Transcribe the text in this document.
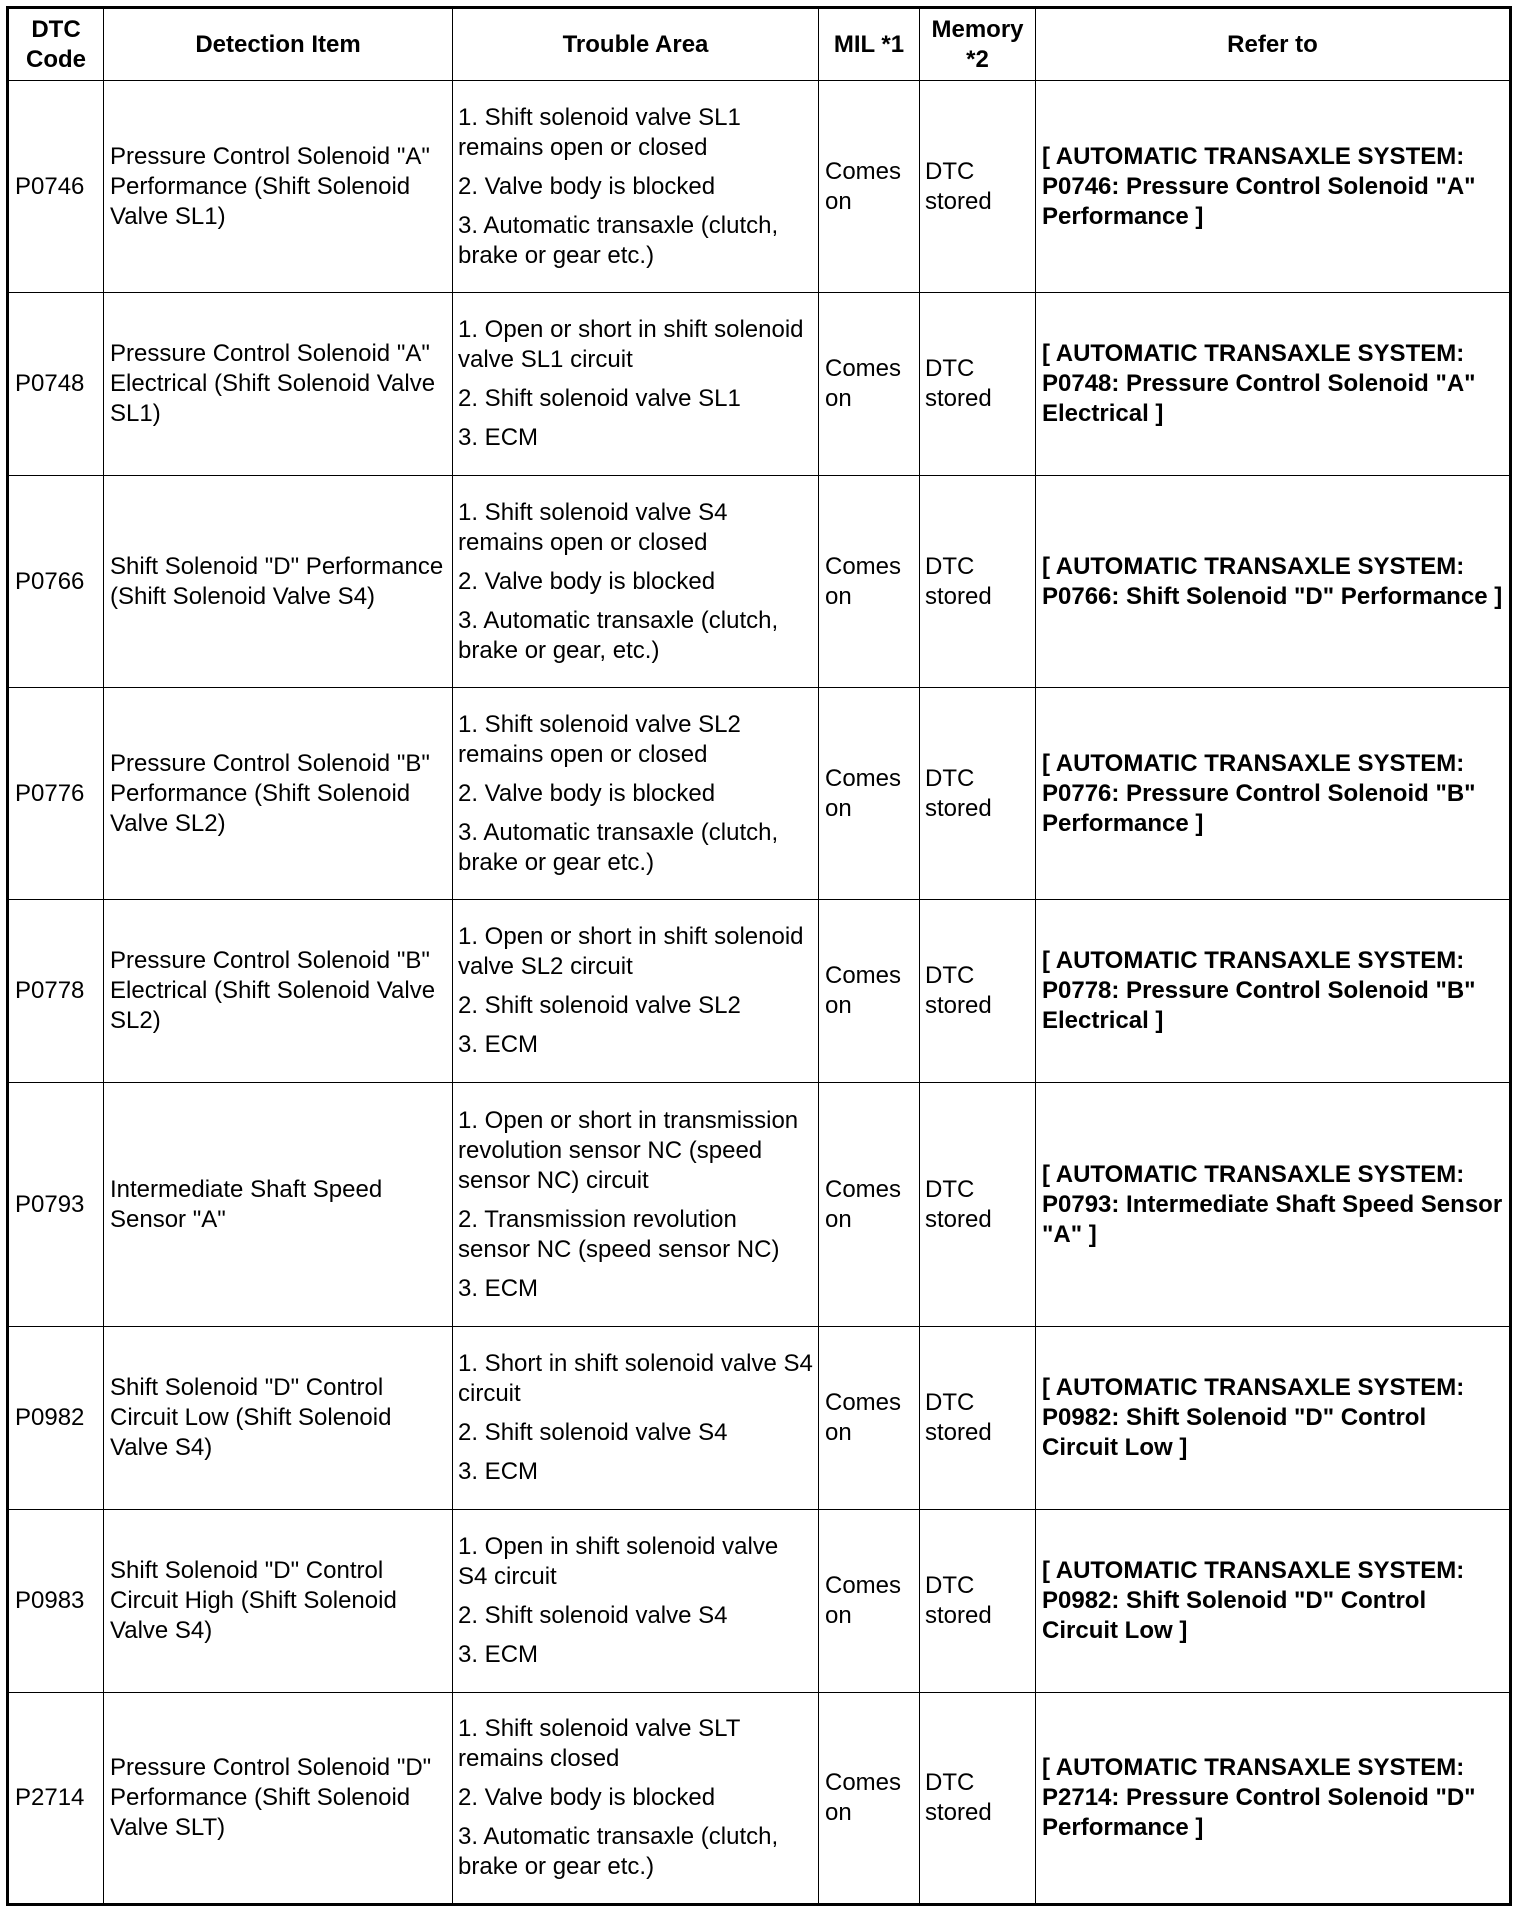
DTC Code	Detection Item	Trouble Area	MIL *1	Memory *2	Refer to
P0746	Pressure Control Solenoid "A" Performance (Shift Solenoid Valve SL1)	1. Shift solenoid valve SL1 remains open or closed
2. Valve body is blocked
3. Automatic transaxle (clutch, brake or gear etc.)	Comes on	DTC stored	[ AUTOMATIC TRANSAXLE SYSTEM: P0746: Pressure Control Solenoid "A" Performance ]
P0748	Pressure Control Solenoid "A" Electrical (Shift Solenoid Valve SL1)	1. Open or short in shift solenoid valve SL1 circuit
2. Shift solenoid valve SL1
3. ECM	Comes on	DTC stored	[ AUTOMATIC TRANSAXLE SYSTEM: P0748: Pressure Control Solenoid "A" Electrical ]
P0766	Shift Solenoid "D" Performance (Shift Solenoid Valve S4)	1. Shift solenoid valve S4 remains open or closed
2. Valve body is blocked
3. Automatic transaxle (clutch, brake or gear, etc.)	Comes on	DTC stored	[ AUTOMATIC TRANSAXLE SYSTEM: P0766: Shift Solenoid "D" Performance ]
P0776	Pressure Control Solenoid "B" Performance (Shift Solenoid Valve SL2)	1. Shift solenoid valve SL2 remains open or closed
2. Valve body is blocked
3. Automatic transaxle (clutch, brake or gear etc.)	Comes on	DTC stored	[ AUTOMATIC TRANSAXLE SYSTEM: P0776: Pressure Control Solenoid "B" Performance ]
P0778	Pressure Control Solenoid "B" Electrical (Shift Solenoid Valve SL2)	1. Open or short in shift solenoid valve SL2 circuit
2. Shift solenoid valve SL2
3. ECM	Comes on	DTC stored	[ AUTOMATIC TRANSAXLE SYSTEM: P0778: Pressure Control Solenoid "B" Electrical ]
P0793	Intermediate Shaft Speed Sensor "A"	1. Open or short in transmission revolution sensor NC (speed sensor NC) circuit
2. Transmission revolution sensor NC (speed sensor NC)
3. ECM	Comes on	DTC stored	[ AUTOMATIC TRANSAXLE SYSTEM: P0793: Intermediate Shaft Speed Sensor "A" ]
P0982	Shift Solenoid "D" Control Circuit Low (Shift Solenoid Valve S4)	1. Short in shift solenoid valve S4 circuit
2. Shift solenoid valve S4
3. ECM	Comes on	DTC stored	[ AUTOMATIC TRANSAXLE SYSTEM: P0982: Shift Solenoid "D" Control Circuit Low ]
P0983	Shift Solenoid "D" Control Circuit High (Shift Solenoid Valve S4)	1. Open in shift solenoid valve S4 circuit
2. Shift solenoid valve S4
3. ECM	Comes on	DTC stored	[ AUTOMATIC TRANSAXLE SYSTEM: P0982: Shift Solenoid "D" Control Circuit Low ]
P2714	Pressure Control Solenoid "D" Performance (Shift Solenoid Valve SLT)	1. Shift solenoid valve SLT remains closed
2. Valve body is blocked
3. Automatic transaxle (clutch, brake or gear etc.)	Comes on	DTC stored	[ AUTOMATIC TRANSAXLE SYSTEM: P2714: Pressure Control Solenoid "D" Performance ]
